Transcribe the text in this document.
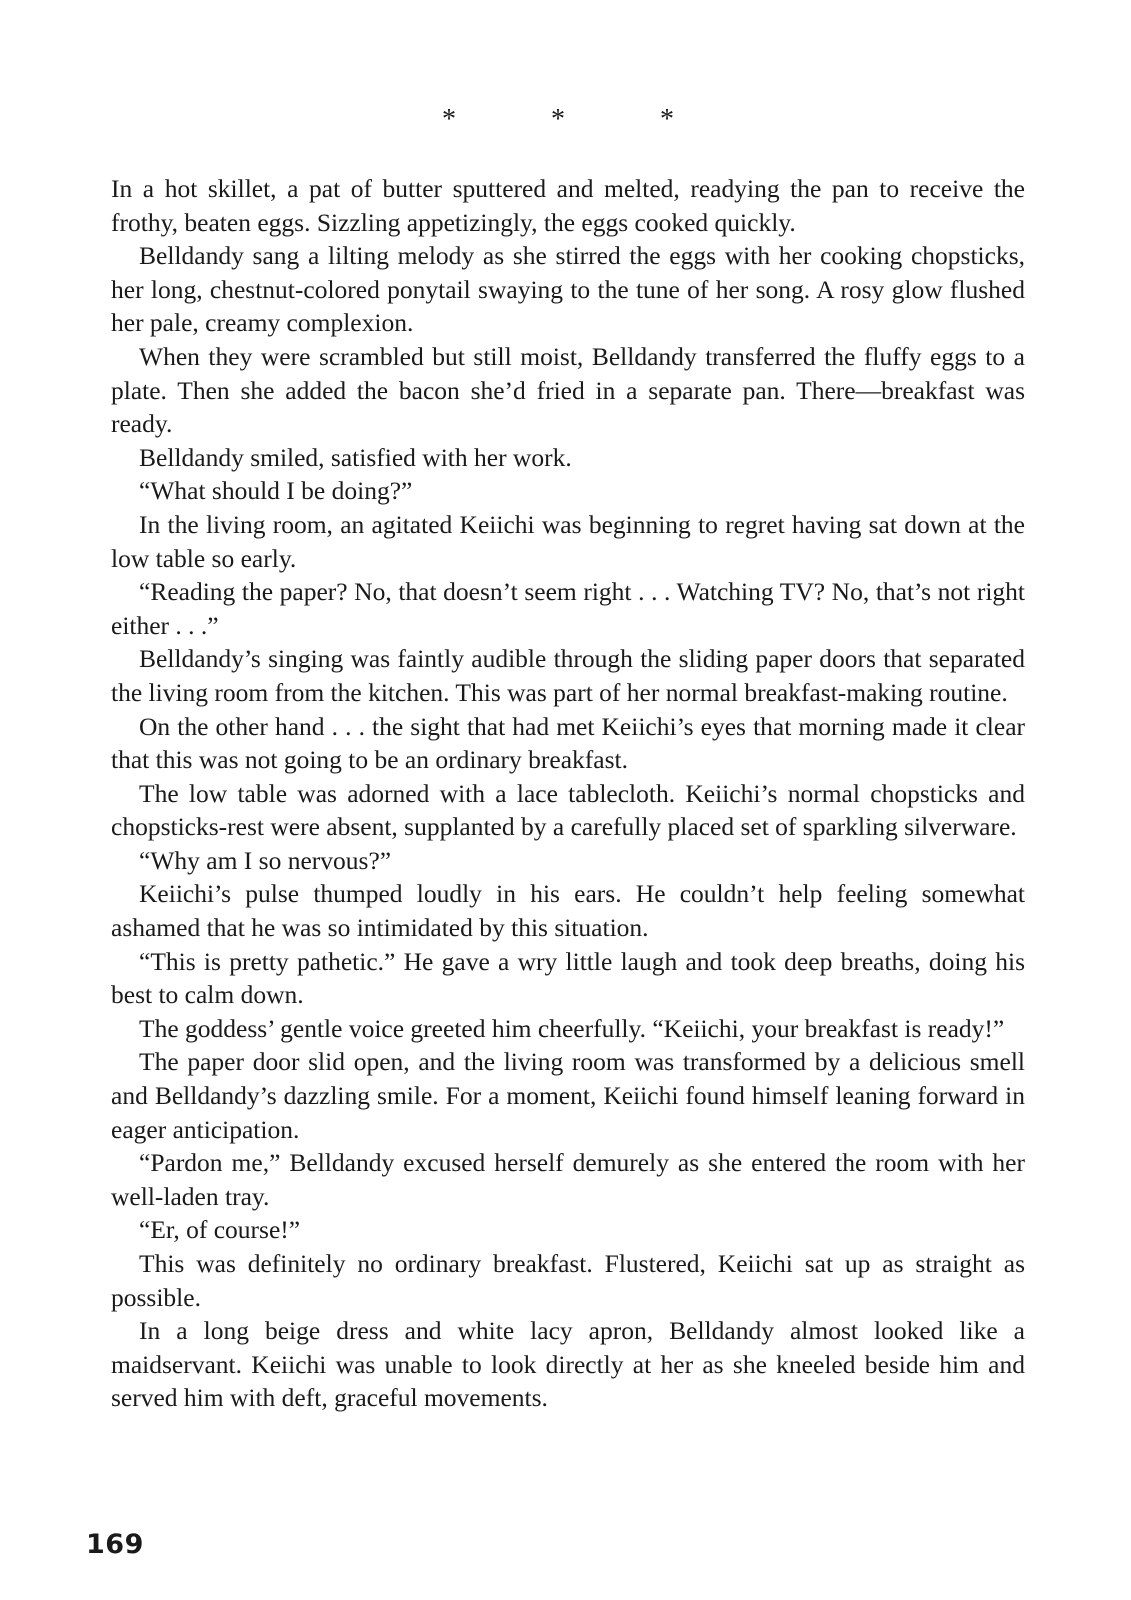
*	*	*

In a hot skillet, a pat of butter sputtered and melted, readying the pan to receive the frothy, beaten eggs. Sizzling appetizingly, the eggs cooked quickly.

Belldandy sang a lilting melody as she stirred the eggs with her cooking chopsticks, her long, chestnut-colored ponytail swaying to the tune of her song. A rosy glow flushed her pale, creamy complexion.

When they were scrambled but still moist, Belldandy transferred the fluffy eggs to a plate. Then she added the bacon she’d fried in a separate pan. There—breakfast was ready.

Belldandy smiled, satisfied with her work.

“What should I be doing?”

In the living room, an agitated Keiichi was beginning to regret having sat down at the low table so early.

“Reading the paper? No, that doesn’t seem right . . . Watching TV? No, that’s not right either . . .”

Belldandy’s singing was faintly audible through the sliding paper doors that separated the living room from the kitchen. This was part of her normal breakfast-making routine.

On the other hand . . . the sight that had met Keiichi’s eyes that morning made it clear that this was not going to be an ordinary breakfast.

The low table was adorned with a lace tablecloth. Keiichi’s normal chopsticks and chopsticks-rest were absent, supplanted by a carefully placed set of sparkling silverware.

“Why am I so nervous?”

Keiichi’s pulse thumped loudly in his ears. He couldn’t help feeling somewhat ashamed that he was so intimidated by this situation.

“This is pretty pathetic.” He gave a wry little laugh and took deep breaths, doing his best to calm down.

The goddess’ gentle voice greeted him cheerfully. “Keiichi, your breakfast is ready!”

The paper door slid open, and the living room was transformed by a delicious smell and Belldandy’s dazzling smile. For a moment, Keiichi found himself leaning forward in eager anticipation.

“Pardon me,” Belldandy excused herself demurely as she entered the room with her well-laden tray.

“Er, of course!”

This was definitely no ordinary breakfast. Flustered, Keiichi sat up as straight as possible.

In a long beige dress and white lacy apron, Belldandy almost looked like a maidservant. Keiichi was unable to look directly at her as she kneeled beside him and served him with deft, graceful movements.

169
